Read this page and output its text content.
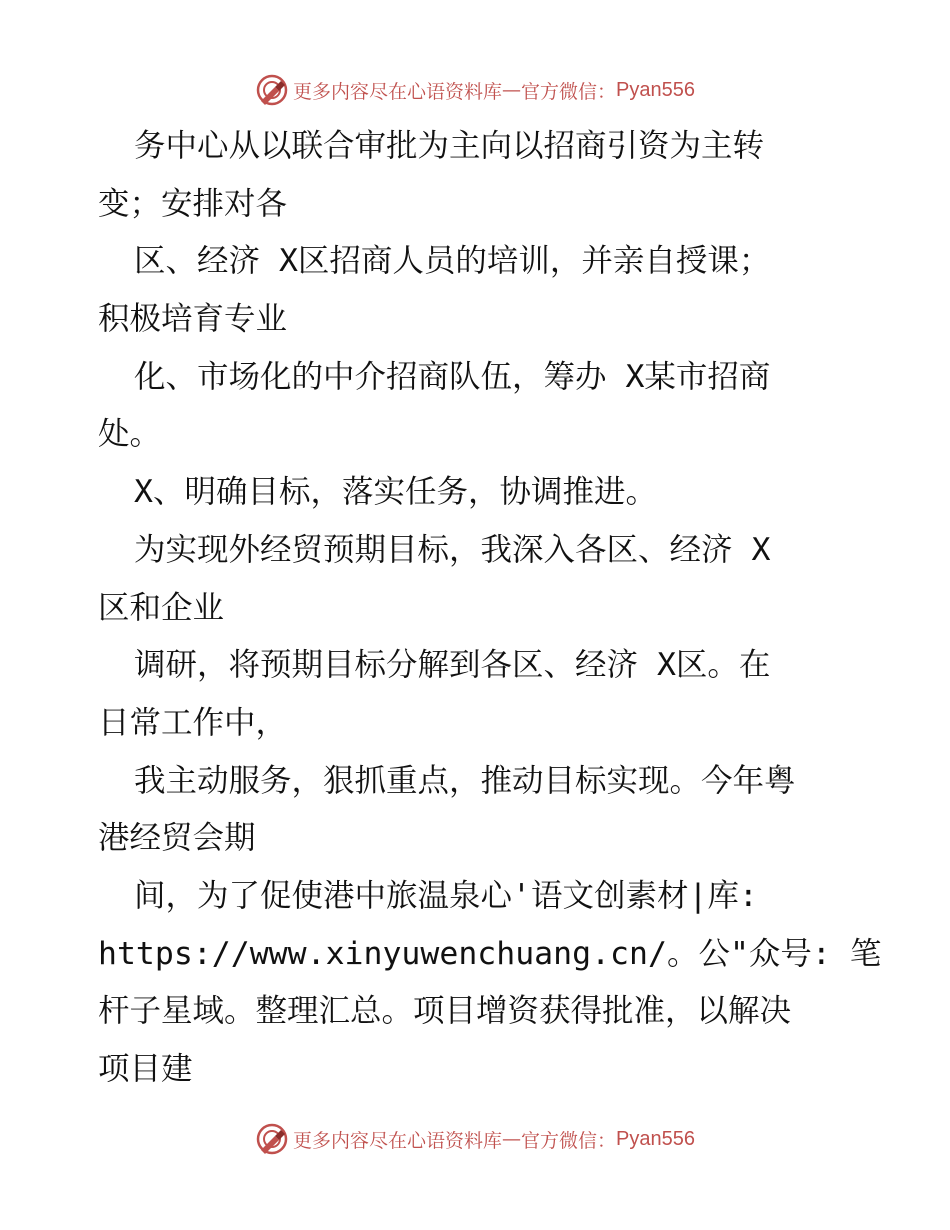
更多内容尽在心语资料库 — 官方微信： Pyan556
务中心从以联合审批为主向以招商引资为主转
变；安排对各
区、经济 X区招商人员的培训，并亲自授课；
积极培育专业
化、市场化的中介招商队伍，筹办 X某市招商
处。
X、明确目标，落实任务，协调推进。
为实现外经贸预期目标，我深入各区、经济 X
区和企业
调研，将预期目标分解到各区、经济 X区。在
日常工作中，
我主动服务，狠抓重点，推动目标实现。今年粤
港经贸会期
间，为了促使港中旅温泉心'语文创素材|库:
https://www.xinyuwenchuang.cn/。公"众号: 笔
杆子星域。整理汇总。项目增资获得批准，以解决
项目建
更多内容尽在心语资料库 — 官方微信： Pyan556
